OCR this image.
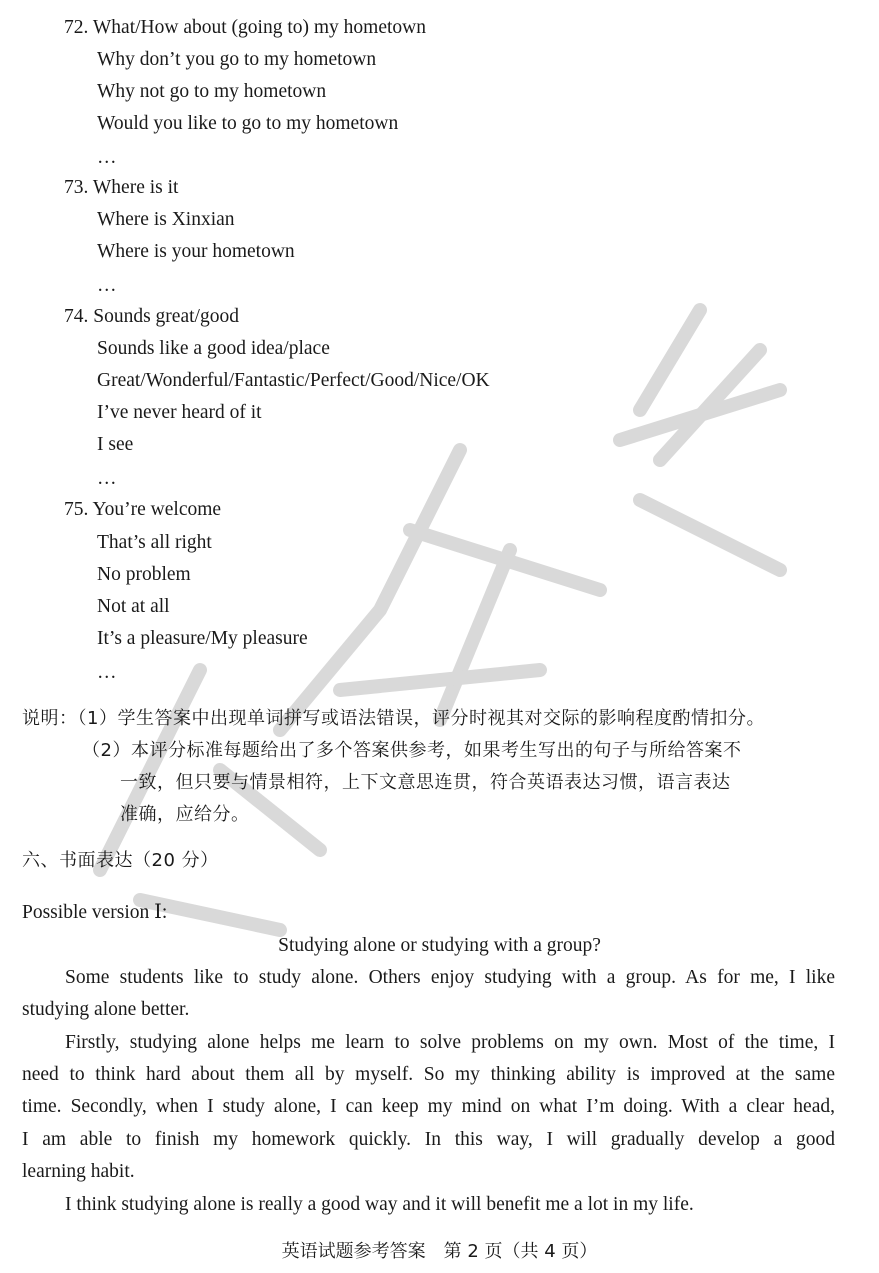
72. What/How about (going to) my hometown
Why don’t you go to my hometown
Why not go to my hometown
Would you like to go to my hometown
…
73. Where is it
Where is Xinxian
Where is your hometown
…
74. Sounds great/good
Sounds like a good idea/place
Great/Wonderful/Fantastic/Perfect/Good/Nice/OK
I’ve never heard of it
I see
…
75. You’re welcome
That’s all right
No problem
Not at all
It’s a pleasure/My pleasure
…
说明：（1）学生答案中出现单词拼写或语法错误，评分时视其对交际的影响程度酌情扣分。
（2）本评分标准每题给出了多个答案供参考，如果考生写出的句子与所给答案不
一致，但只要与情景相符，上下文意思连贯，符合英语表达习惯，语言表达
准确，应给分。
六、书面表达（20 分）
Possible version Ⅰ:
Studying alone or studying with a group?
Some students like to study alone. Others enjoy studying with a group. As for me, I like
studying alone better.
Firstly, studying alone helps me learn to solve problems on my own. Most of the time, I
need to think hard about them all by myself. So my thinking ability is improved at the same
time. Secondly, when I study alone, I can keep my mind on what I’m doing. With a clear head,
I am able to finish my homework quickly. In this way, I will gradually develop a good
learning habit.
I think studying alone is really a good way and it will benefit me a lot in my life.
英语试题参考答案　第 2 页（共 4 页）
